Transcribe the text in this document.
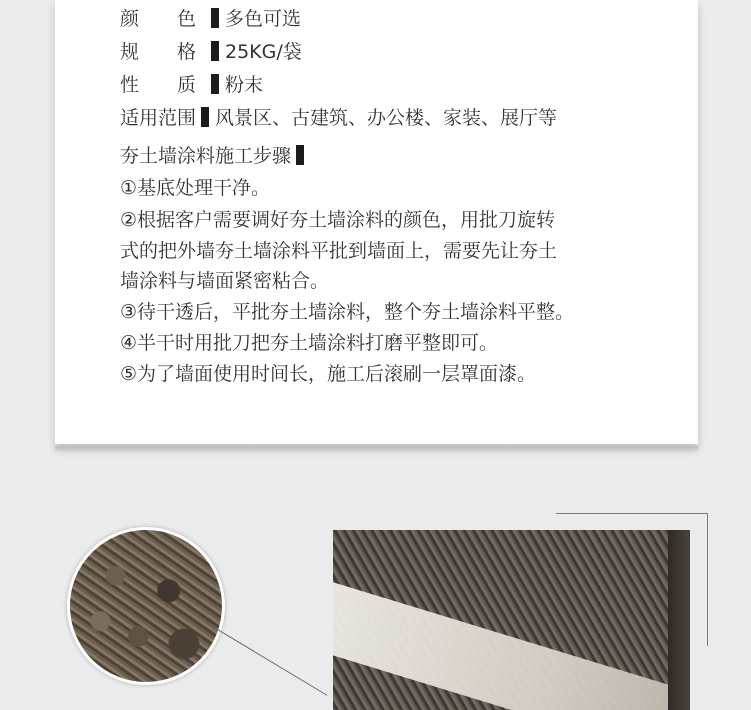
颜 色 多色可选
规 格 25KG/袋
性 质 粉末
适用范围 风景区、古建筑、办公楼、家装、展厅等
夯土墙涂料施工步骤
①基底处理干净。
②根据客户需要调好夯土墙涂料的颜色，用批刀旋转
式的把外墙夯土墙涂料平批到墙面上，需要先让夯土
墙涂料与墙面紧密粘合。
③待干透后，平批夯土墙涂料，整个夯土墙涂料平整。
④半干时用批刀把夯土墙涂料打磨平整即可。
⑤为了墙面使用时间长，施工后滚刷一层罩面漆。
